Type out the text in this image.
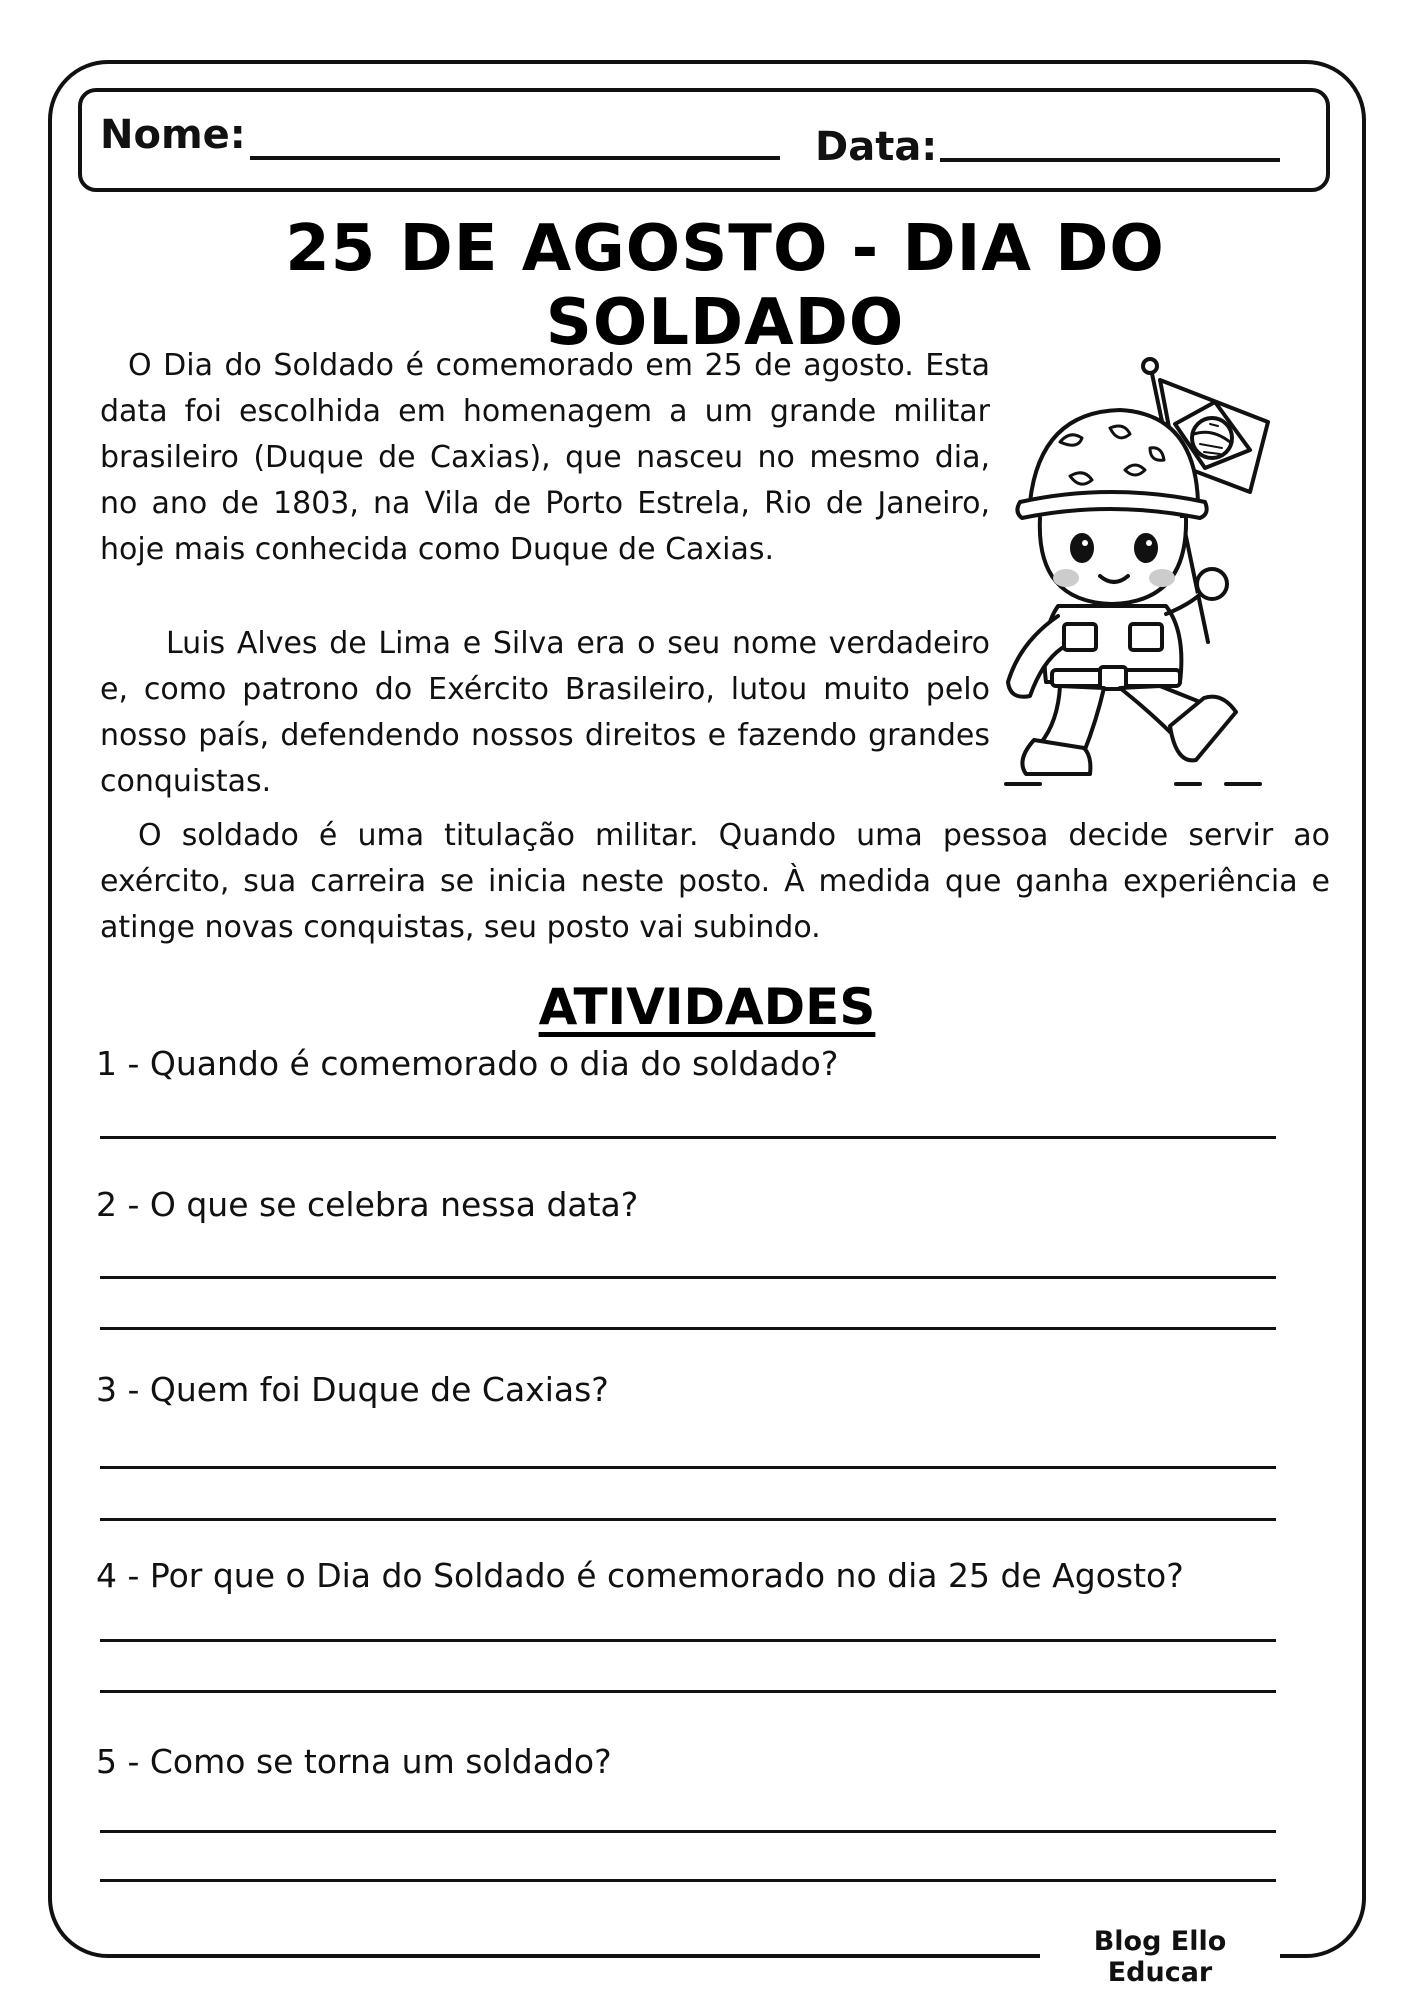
Nome:	Data:
25 DE AGOSTO - DIA DO SOLDADO

O Dia do Soldado é comemorado em 25 de agosto. Esta data foi escolhida em homenagem a um grande militar brasileiro (Duque de Caxias), que nasceu no mesmo dia, no ano de 1803, na Vila de Porto Estrela, Rio de Janeiro, hoje mais conhecida como Duque de Caxias.

Luis Alves de Lima e Silva era o seu nome verdadeiro e, como patrono do Exército Brasileiro, lutou muito pelo nosso país, defendendo nossos direitos e fazendo grandes conquistas.

O soldado é uma titulação militar. Quando uma pessoa decide servir ao exército, sua carreira se inicia neste posto. À medida que ganha experiência e atinge novas conquistas, seu posto vai subindo.

ATIVIDADES

1 - Quando é comemorado o dia do soldado?

2 - O que se celebra nessa data?

3 - Quem foi Duque de Caxias?

4 - Por que o Dia do Soldado é comemorado no dia 25 de Agosto?

5 - Como se torna um soldado?

Blog Ello Educar
